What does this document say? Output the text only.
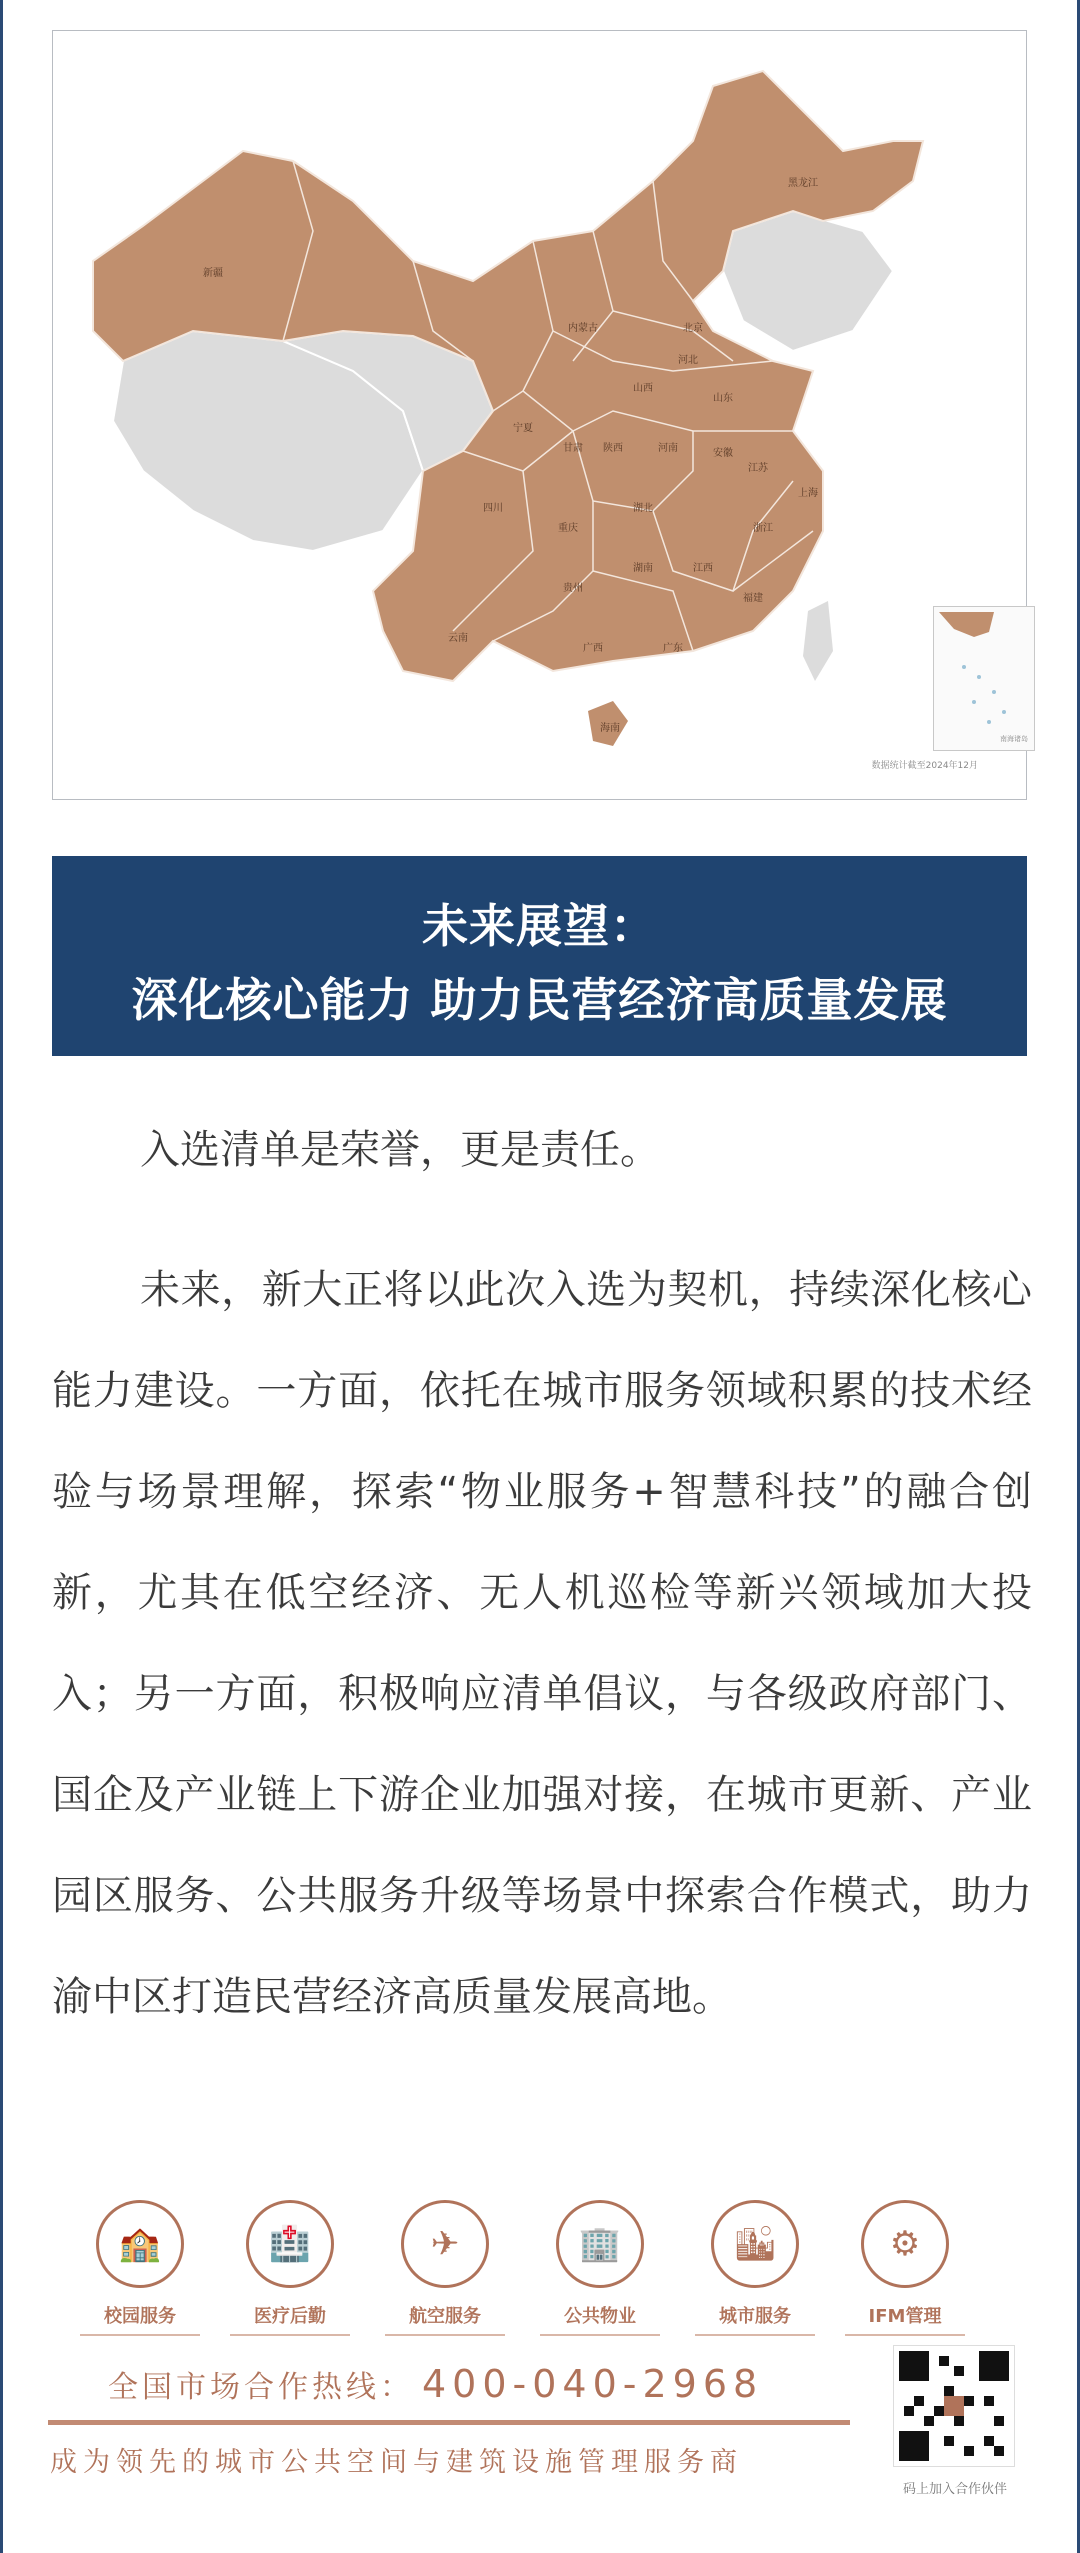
黑龙江
新疆
内蒙古
河北
北京
山西
山东
陕西	河南
宁夏
甘肃	安徽
江苏
上海
四川
重庆
湖北
浙江
湖南	江西
贵州
福建
云南
广西	广东
海南
南海诸岛
数据统计截至2024年12月
未来展望：
深化核心能力 助力民营经济高质量发展
入选清单是荣誉，更是责任。
未来，新大正将以此次入选为契机，持续深化核心能力建设。一方面，依托在城市服务领域积累的技术经验与场景理解，探索“物业服务+智慧科技”的融合创新，尤其在低空经济、无人机巡检等新兴领域加大投入；另一方面，积极响应清单倡议，与各级政府部门、国企及产业链上下游企业加强对接，在城市更新、产业园区服务、公共服务升级等场景中探索合作模式，助力渝中区打造民营经济高质量发展高地。
🏫
校园服务
🏥
医疗后勤
✈
航空服务
🏢
公共物业
🏙
城市服务
⚙
IFM管理
全国市场合作热线： 400-040-2968
成为领先的城市公共空间与建筑设施管理服务商
码上加入合作伙伴
